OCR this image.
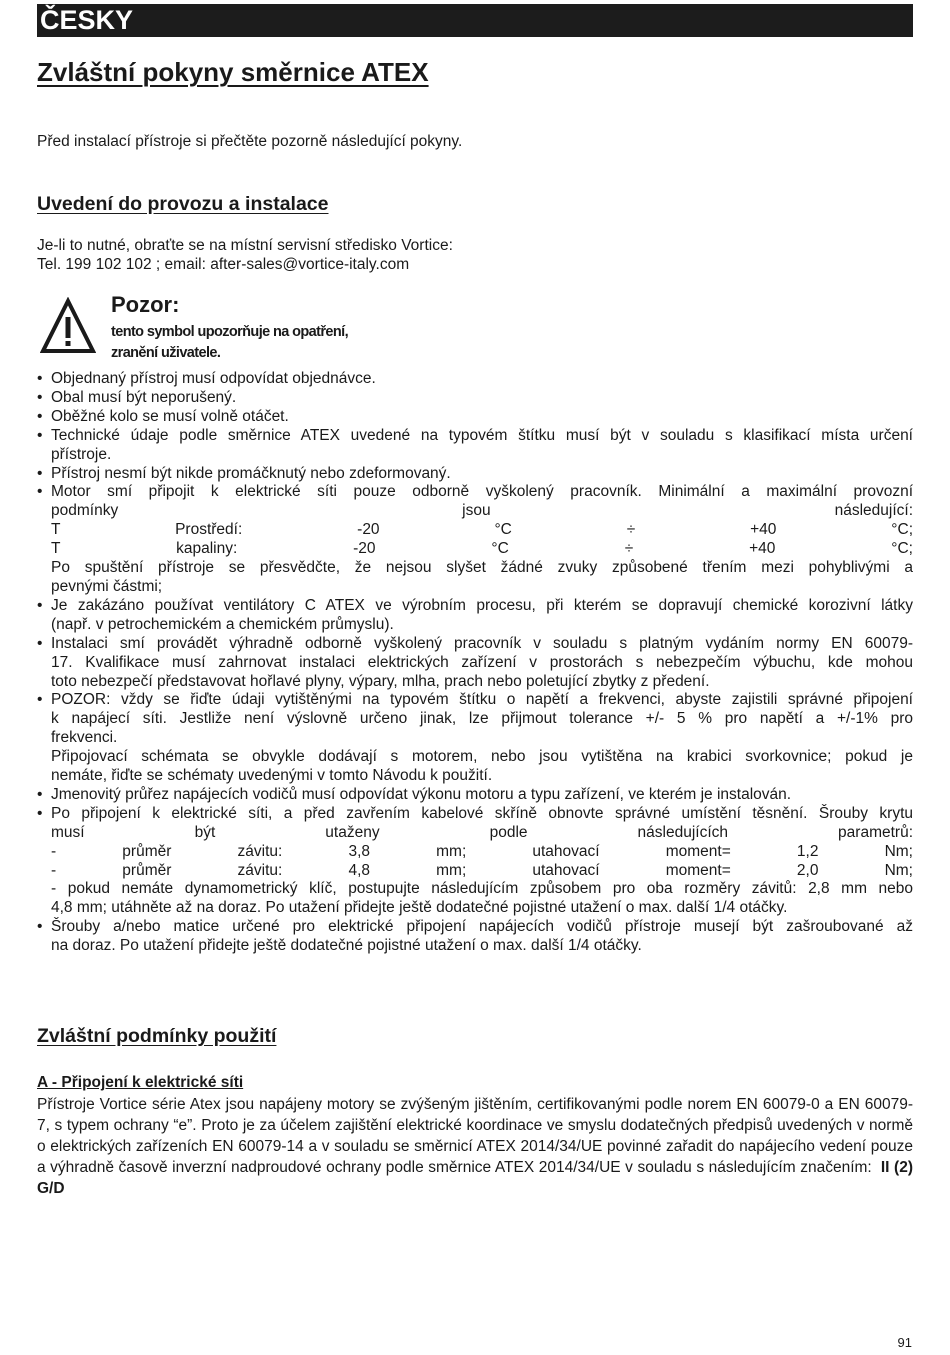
ČESKY
Zvláštní pokyny směrnice ATEX

Před instalací přístroje si přečtěte pozorně následující pokyny.

Uvedení do provozu a instalace
Je-li to nutné, obraťte se na místní servisní středisko Vortice:
Tel. 199 102 102 ; email: after-sales@vortice-italy.com
Pozor:
tento symbol upozorňuje na opatření,
zranění uživatele.
• Objednaný přístroj musí odpovídat objednávce.
• Obal musí být neporušený.
• Oběžné kolo se musí volně otáčet.
• Technické údaje podle směrnice ATEX uvedené na typovém štítku musí být v souladu s klasifikací místa určení
přístroje.
• Přístroj nesmí být nikde promáčknutý nebo zdeformovaný.
• Motor smí připojit k elektrické síti pouze odborně vyškolený pracovník. Minimální a maximální provozní
podmínky jsou následující:
T Prostředí: -20 °C ÷ +40 °C;
T kapaliny: -20 °C ÷ +40 °C;
Po spuštění přístroje se přesvědčte, že nejsou slyšet žádné zvuky způsobené třením mezi pohyblivými a
pevnými částmi;
• Je zakázáno používat ventilátory C ATEX ve výrobním procesu, při kterém se dopravují chemické korozivní látky
(např. v petrochemickém a chemickém průmyslu).
• Instalaci smí provádět výhradně odborně vyškolený pracovník v souladu s platným vydáním normy EN 60079-
17. Kvalifikace musí zahrnovat instalaci elektrických zařízení v prostorách s nebezpečím výbuchu, kde mohou
toto nebezpečí představovat hořlavé plyny, výpary, mlha, prach nebo poletující zbytky z předení.
• POZOR: vždy se řiďte údaji vytištěnými na typovém štítku o napětí a frekvenci, abyste zajistili správné připojení
k napájecí síti. Jestliže není výslovně určeno jinak, lze přijmout tolerance +/- 5 % pro napětí a +/-1% pro
frekvenci.
Připojovací schémata se obvykle dodávají s motorem, nebo jsou vytištěna na krabici svorkovnice; pokud je
nemáte, řiďte se schématy uvedenými v tomto Návodu k použití.
• Jmenovitý průřez napájecích vodičů musí odpovídat výkonu motoru a typu zařízení, ve kterém je instalován.
• Po připojení k elektrické síti, a před zavřením kabelové skříně obnovte správné umístění těsnění. Šrouby krytu
musí být utaženy podle následujících parametrů:
- průměr závitu: 3,8 mm; utahovací moment= 1,2 Nm;
- průměr závitu: 4,8 mm; utahovací moment= 2,0 Nm;
- pokud nemáte dynamometrický klíč, postupujte následujícím způsobem pro oba rozměry závitů: 2,8 mm nebo
4,8 mm; utáhněte až na doraz. Po utažení přidejte ještě dodatečné pojistné utažení o max. další 1/4 otáčky.
• Šrouby a/nebo matice určené pro elektrické připojení napájecích vodičů přístroje musejí být zašroubované až
na doraz. Po utažení přidejte ještě dodatečné pojistné utažení o max. další 1/4 otáčky.
Zvláštní podmínky použití
A - Připojení k elektrické síti
Přístroje Vortice série Atex jsou napájeny motory se zvýšeným jištěním, certifikovanými podle norem EN 60079-0 a EN 60079-7, s typem ochrany “e”. Proto je za účelem zajištění elektrické koordinace ve smyslu dodatečných předpisů uvedených v normě o elektrických zařízeních EN 60079-14 a v souladu se směrnicí ATEX 2014/34/UE povinné zařadit do napájecího vedení pouze a výhradně časově inverzní nadproudové ochrany podle směrnice ATEX 2014/34/UE v souladu s následujícím značením: II (2) G/D
91
